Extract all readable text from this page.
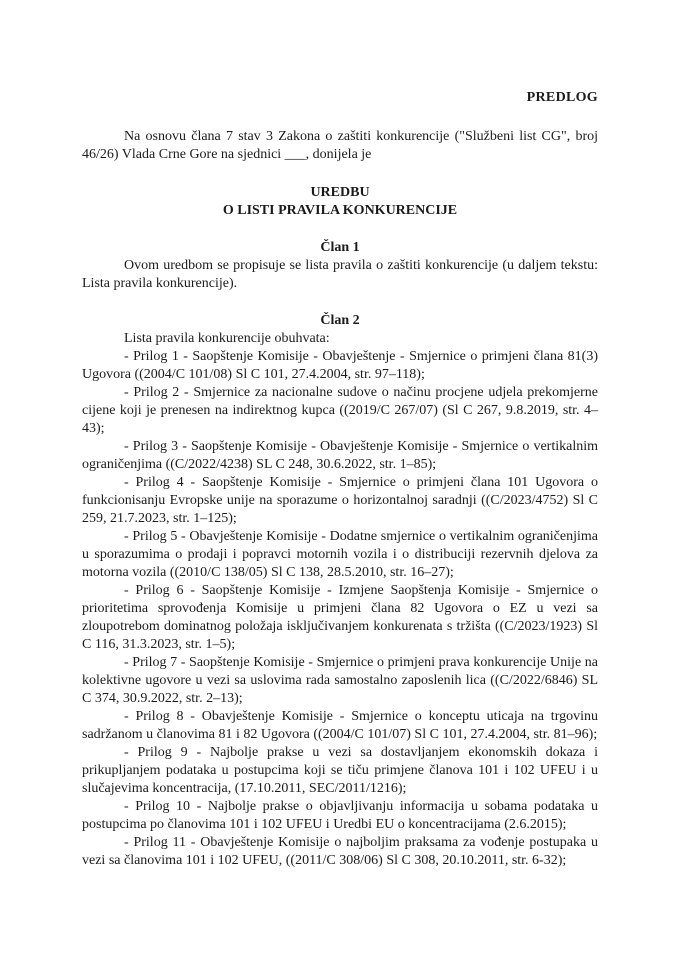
PREDLOG

Na osnovu člana 7 stav 3 Zakona o zaštiti konkurencije ("Službeni list CG", broj 46/26) Vlada Crne Gore na sjednici ___, donijela je

UREDBU

O LISTI PRAVILA KONKURENCIJE

Član 1

Ovom uredbom se propisuje se lista pravila o zaštiti konkurencije (u daljem tekstu: Lista pravila konkurencije).

Član 2

Lista pravila konkurencije obuhvata:

- Prilog 1 - Saopštenje Komisije - Obavještenje - Smjernice o primjeni člana 81(3) Ugovora ((2004/C 101/08) Sl C 101, 27.4.2004, str. 97–118);

- Prilog 2 - Smjernice za nacionalne sudove o načinu procjene udjela prekomjerne cijene koji je prenesen na indirektnog kupca ((2019/C 267/07) (Sl C 267, 9.8.2019, str. 4–43);

- Prilog 3 - Saopštenje Komisije - Obavještenje Komisije - Smjernice o vertikalnim ograničenjima ((C/2022/4238) SL C 248, 30.6.2022, str. 1–85);

- Prilog 4 - Saopštenje Komisije - Smjernice o primjeni člana 101 Ugovora o funkcionisanju Evropske unije na sporazume o horizontalnoj saradnji ((C/2023/4752) Sl C 259, 21.7.2023, str. 1–125);

- Prilog 5 - Obavještenje Komisije - Dodatne smjernice o vertikalnim ograničenjima u sporazumima o prodaji i popravci motornih vozila i o distribuciji rezervnih djelova za motorna vozila ((2010/C 138/05) Sl C 138, 28.5.2010, str. 16–27);

- Prilog 6 - Saopštenje Komisije - Izmjene Saopštenja Komisije - Smjernice o prioritetima sprovođenja Komisije u primjeni člana 82 Ugovora o EZ u vezi sa zloupotrebom dominatnog položaja isključivanjem konkurenata s tržišta ((C/2023/1923) Sl C 116, 31.3.2023, str. 1–5);

- Prilog 7 - Saopštenje Komisije - Smjernice o primjeni prava konkurencije Unije na kolektivne ugovore u vezi sa uslovima rada samostalno zaposlenih lica ((C/2022/6846) SL C 374, 30.9.2022, str. 2–13);

- Prilog 8 - Obavještenje Komisije - Smjernice o konceptu uticaja na trgovinu sadržanom u članovima 81 i 82 Ugovora ((2004/C 101/07) Sl C 101, 27.4.2004, str. 81–96);

- Prilog 9 - Najbolje prakse u vezi sa dostavljanjem ekonomskih dokaza i prikupljanjem podataka u postupcima koji se tiču primjene članova 101 i 102 UFEU i u slučajevima koncentracija, (17.10.2011, SEC/2011/1216);

- Prilog 10 - Najbolje prakse o objavljivanju informacija u sobama podataka u postupcima po članovima 101 i 102 UFEU i Uredbi EU o koncentracijama (2.6.2015);

- Prilog 11 - Obavještenje Komisije o najboljim praksama za vođenje postupaka u vezi sa članovima 101 i 102 UFEU, ((2011/C 308/06) Sl C 308, 20.10.2011, str. 6-32);
